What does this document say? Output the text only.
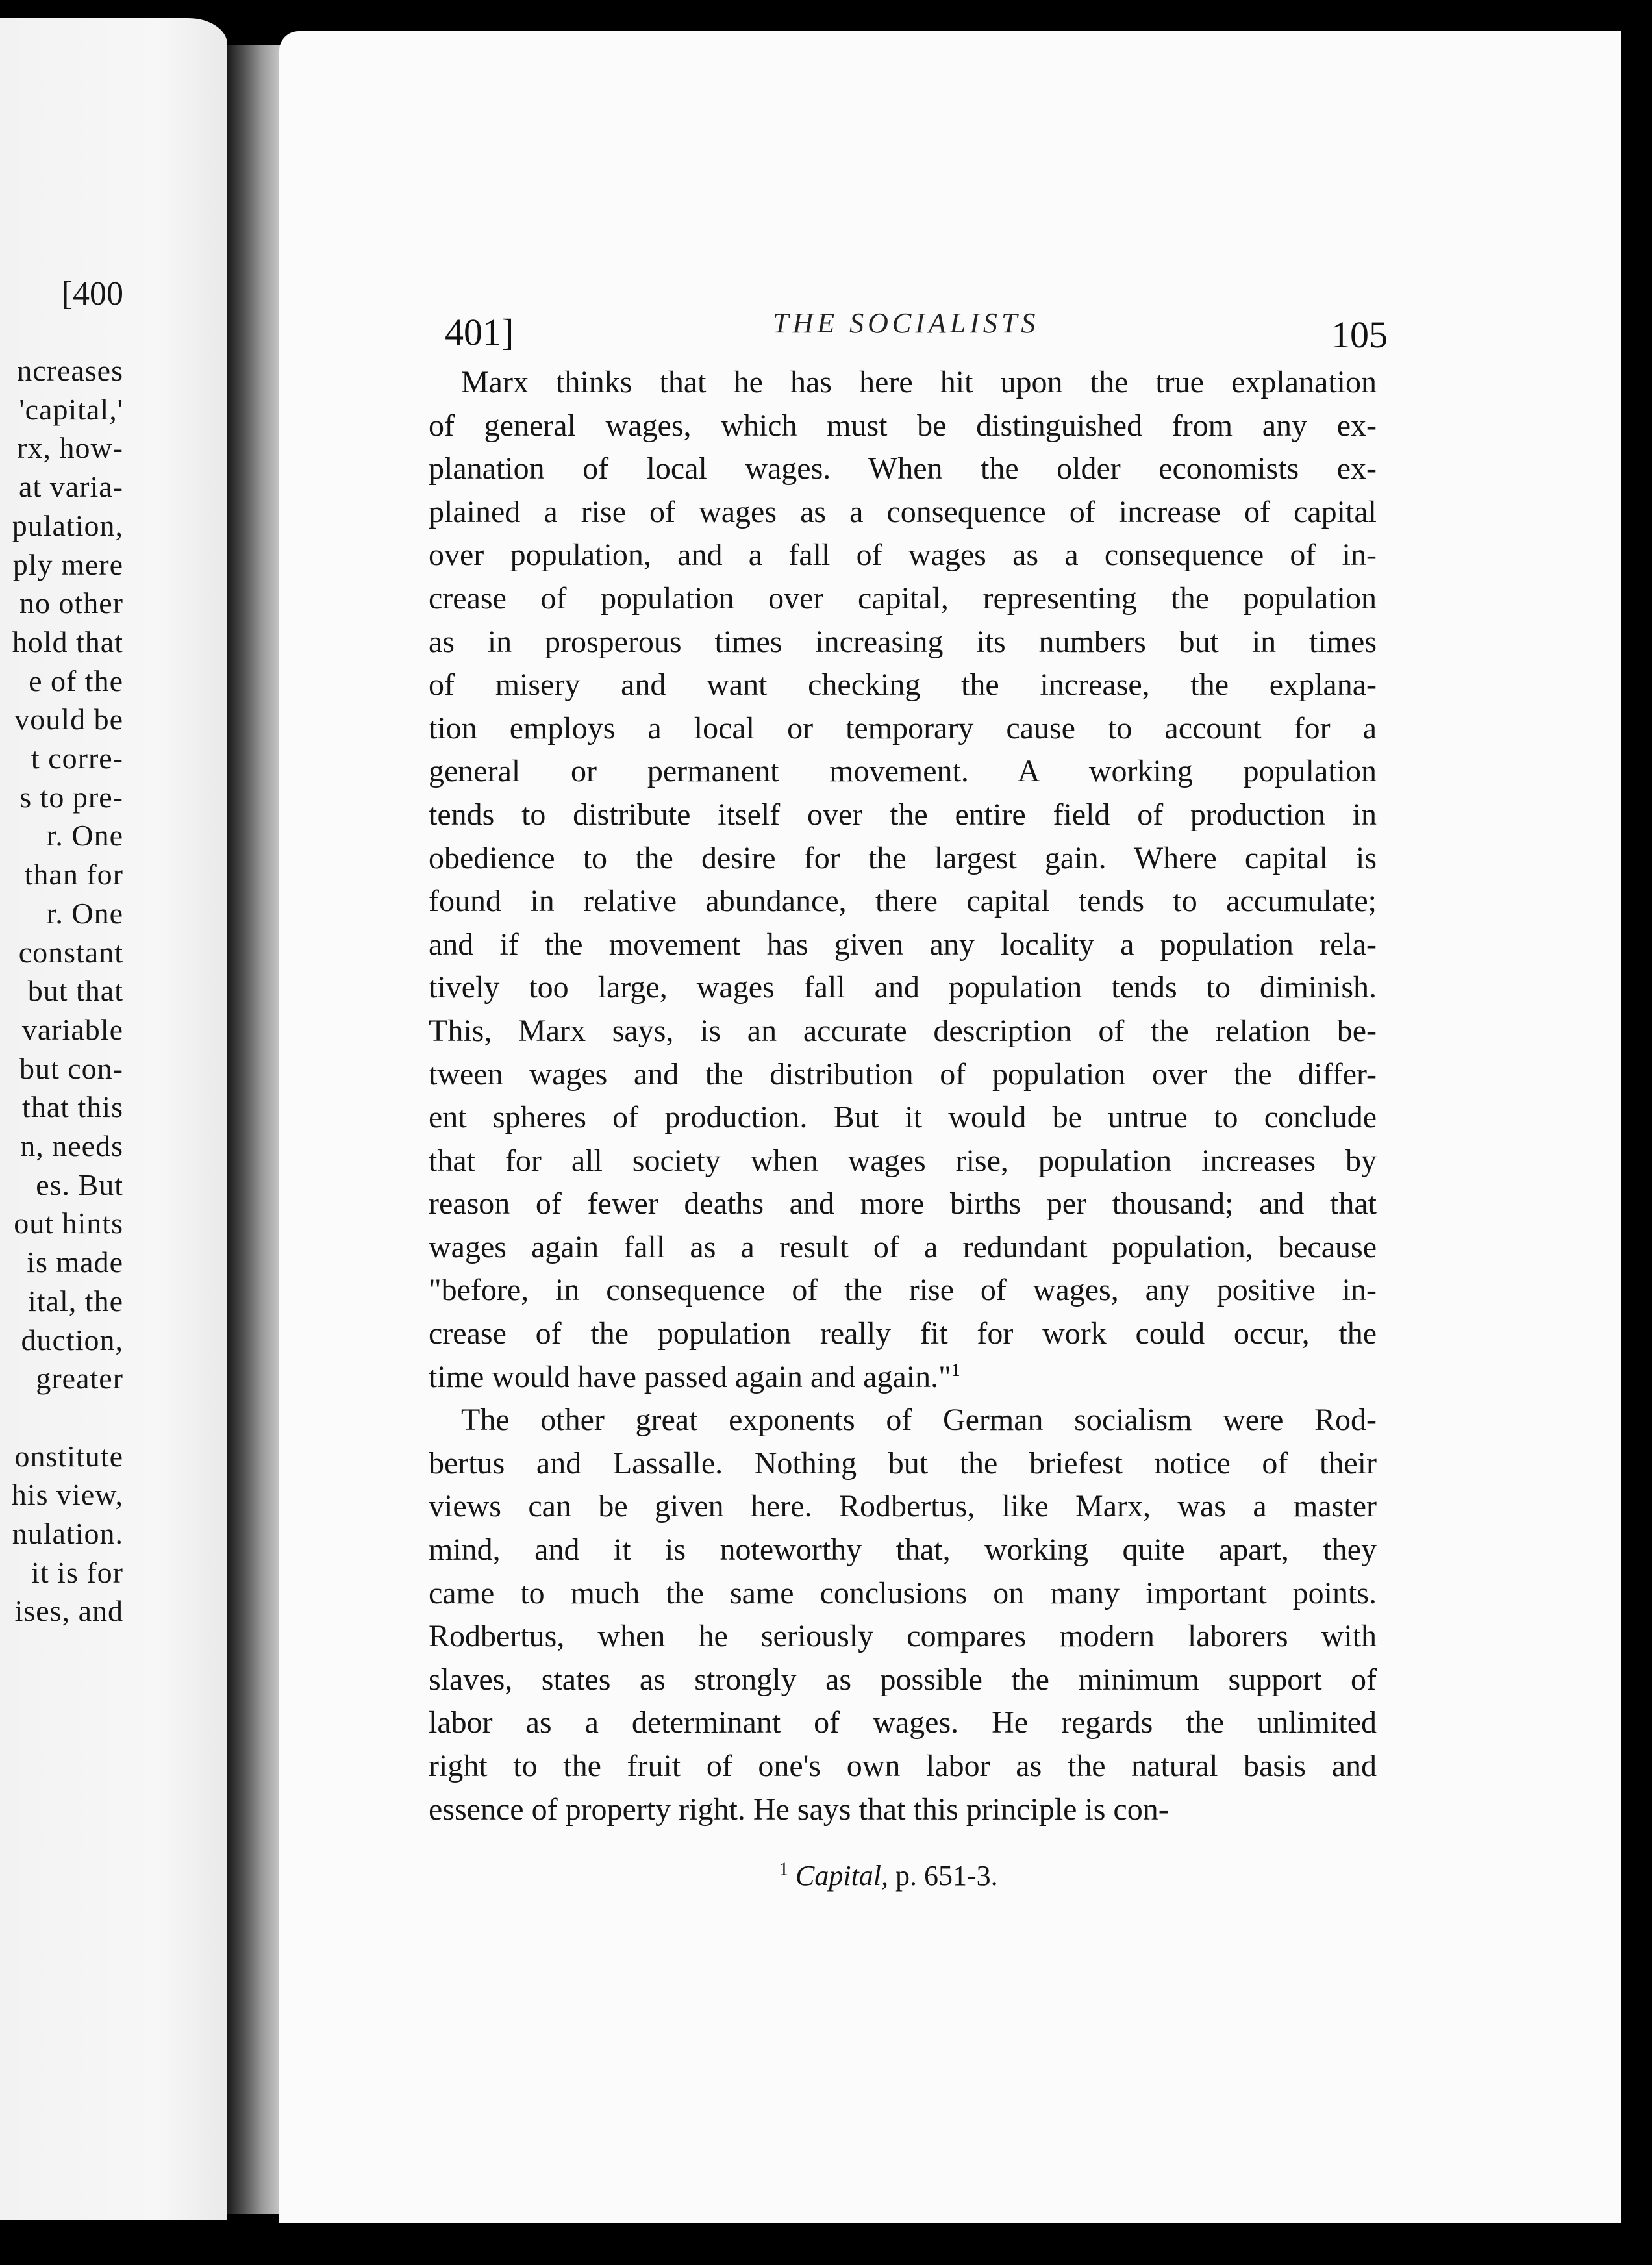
[400

ncreases

'capital,'

rx, how-

at varia-

pulation,

ply mere

no other

hold that

e of the

vould be

t corre-

s to pre-

r. One

than for

r. One

constant

but that

variable

but con-

that this

n, needs

es. But

out hints

is made

ital, the

duction,

greater

onstitute

his view,

nulation.

it is for

ises, and

401]	THE SOCIALISTS	105
Marx thinks that he has here hit upon the true explanation
of general wages, which must be distinguished from any ex-
planation of local wages. When the older economists ex-
plained a rise of wages as a consequence of increase of capital
over population, and a fall of wages as a consequence of in-
crease of population over capital, representing the population
as in prosperous times increasing its numbers but in times
of misery and want checking the increase, the explana-
tion employs a local or temporary cause to account for a
general or permanent movement. A working population
tends to distribute itself over the entire field of production in
obedience to the desire for the largest gain. Where capital is
found in relative abundance, there capital tends to accumulate;
and if the movement has given any locality a population rela-
tively too large, wages fall and population tends to diminish.
This, Marx says, is an accurate description of the relation be-
tween wages and the distribution of population over the differ-
ent spheres of production. But it would be untrue to conclude
that for all society when wages rise, population increases by
reason of fewer deaths and more births per thousand; and that
wages again fall as a result of a redundant population, because
"before, in consequence of the rise of wages, any positive in-
crease of the population really fit for work could occur, the
time would have passed again and again."$^1$
The other great exponents of German socialism were Rod-
bertus and Lassalle. Nothing but the briefest notice of their
views can be given here. Rodbertus, like Marx, was a master
mind, and it is noteworthy that, working quite apart, they
came to much the same conclusions on many important points.
Rodbertus, when he seriously compares modern laborers with
slaves, states as strongly as possible the minimum support of
labor as a determinant of wages. He regards the unlimited
right to the fruit of one's own labor as the natural basis and
essence of property right. He says that this principle is con-
$^1$ Capital, p. 651-3.
